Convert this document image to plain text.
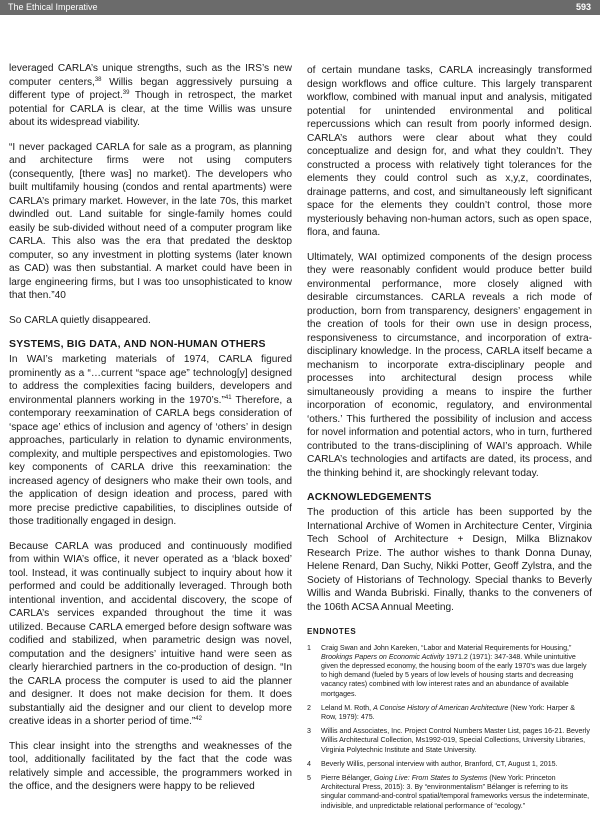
The Ethical Imperative	593

leveraged CARLA’s unique strengths, such as the IRS’s new computer centers,$^{38}$ Willis began aggressively pursuing a different type of project.$^{39}$ Though in retrospect, the market potential for CARLA is clear, at the time Willis was unsure about its widespread viability.

“I never packaged CARLA for sale as a program, as planning and architecture firms were not using computers (consequently, [there was] no market). The developers who built multifamily housing (condos and rental apartments) were CARLA’s primary market. However, in the late 70s, this market dwindled out. Land suitable for single-family homes could easily be sub-divided without need of a computer program like CARLA. This also was the era that predated the desktop computer, so any investment in plotting systems (later known as CAD) was then substantial. A market could have been in large engineering firms, but I was too unsophisticated to know that then.”40

So CARLA quietly disappeared.

SYSTEMS, BIG DATA, AND NON-HUMAN OTHERS

In WAI’s marketing materials of 1974, CARLA figured prominently as a “…current “space age” technolog[y] designed to address the complexities facing builders, developers and environmental planners working in the 1970’s.”$^{41}$ Therefore, a contemporary reexamination of CARLA begs consideration of ‘space age’ ethics of inclusion and agency of ‘others’ in design approaches, particularly in relation to dynamic environments, complexity, and multiple perspectives and epistomologies. Two key components of CARLA drive this reexamination: the increased agency of designers who make their own tools, and the application of design ideation and process, pared with more precise predictive capabilities, to disciplines outside of those traditionally engaged in design.

Because CARLA was produced and continuously modified from within WIA’s office, it never operated as a ‘black boxed’ tool. Instead, it was continually subject to inquiry about how it performed and could be additionally leveraged. Through both intentional invention, and accidental discovery, the scope of CARLA’s services expanded throughout the time it was utilized. Because CARLA emerged before design software was codified and stabilized, when parametric design was novel, computation and the designers’ intuitive hand were seen as clearly hierarchied partners in the co-production of design. “In the CARLA process the computer is used to aid the planner and designer. It does not make decision for them. It does substantially aid the designer and our client to develop more creative ideas in a shorter period of time.”$^{42}$

This clear insight into the strengths and weaknesses of the tool, additionally facilitated by the fact that the code was relatively simple and accessible, the programmers worked in the office, and the designers were happy to be relieved

of certain mundane tasks, CARLA increasingly transformed design workflows and office culture. This largely transparent workflow, combined with manual input and analysis, mitigated potential for unintended environmental and political repercussions which can result from poorly informed design. CARLA’s authors were clear about what they could conceptualize and design for, and what they couldn’t. They constructed a process with relatively tight tolerances for the elements they could control such as x,y,z, coordinates, drainage patterns, and cost, and simultaneously left significant space for the elements they couldn’t control, those more mysteriously behaving non-human actors, such as open space, flora, and fauna.

Ultimately, WAI optimized components of the design process they were reasonably confident would produce better build environmental performance, more closely aligned with desirable circumstances. CARLA reveals a rich mode of production, born from transparency, designers’ engagement in the creation of tools for their own use in design process, responsiveness to circumstance, and incorporation of extra-disciplinary knowledge. In the process, CARLA itself became a mechanism to incorporate extra-disciplinary people and processes into architectural design process while simultaneously providing a means to inspire the further incorporation of economic, regulatory, and environmental ‘others.’ This furthered the possibility of inclusion and access for novel information and potential actors, who in turn, furthered contributed to the trans-disciplining of WAI’s approach. While CARLA’s technologies and artifacts are dated, its process, and the thinking behind it, are shockingly relevant today.

ACKNOWLEDGEMENTS

The production of this article has been supported by the International Archive of Women in Architecture Center, Virginia Tech School of Architecture + Design, Milka Bliznakov Research Prize. The author wishes to thank Donna Dunay, Helene Renard, Dan Suchy, Nikki Potter, Geoff Zylstra, and the Society of Historians of Technology. Special thanks to Beverly Willis and Wanda Bubriski. Finally, thanks to the conveners of the 106th ACSA Annual Meeting.

ENDNOTES
1	Craig Swan and John Kareken, “Labor and Material Requirements for Housing,” Brookings Papers on Economic Activity 1971.2 (1971): 347-348. While unintuitive given the depressed economy, the housing boom of the early 1970’s was due largely to high demand (fueled by 5 years of low levels of housing starts and decreasing vacancy rates) combined with low interest rates and an abundance of available mortgages.
2	Leland M. Roth, A Concise History of American Architecture (New York: Harper & Row, 1979): 475.
3	Willis and Associates, Inc. Project Control Numbers Master List, pages 16-21. Beverly Willis Architectural Collection, Ms1992-019, Special Collections, University Libraries, Virginia Polytechnic Institute and State University.
4	Beverly Willis, personal interview with author, Branford, CT, August 1, 2015.
5	Pierre Bélanger, Going Live: From States to Systems (New York: Princeton Architectural Press, 2015): 3. By “environmentalism” Bélanger is referring to its singular command-and-control spatial/temporal frameworks versus the indeterminate, indivisible, and unpredictable relational performance of “ecology.”
